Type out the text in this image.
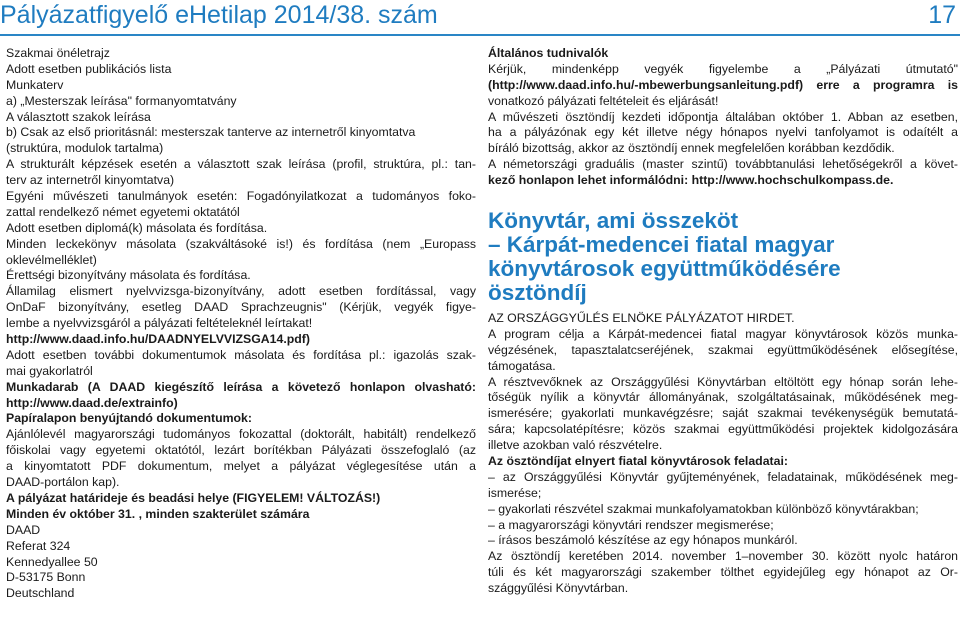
Pályázatfigyelő eHetilap 2014/38. szám	17
Szakmai önéletrajz
Adott esetben publikációs lista
Munkaterv
a) „Mesterszak leírása" formanyomtatvány
A választott szakok leírása
b) Csak az első prioritásnál: mesterszak tanterve az internetről kinyomtatva
(struktúra, modulok tartalma)
A strukturált képzések esetén a választott szak leírása (profil, struktúra, pl.: tan-
terv az internetről kinyomtatva)
Egyéni művészeti tanulmányok esetén: Fogadónyilatkozat a tudományos foko-
zattal rendelkező német egyetemi oktatától
Adott esetben diplomá(k) másolata és fordítása.
Minden leckekönyv másolata (szakváltásoké is!) és fordítása (nem „Europass
oklevélmelléklet)
Érettségi bizonyítvány másolata és fordítása.
Államilag elismert nyelvvizsga-bizonyítvány, adott esetben fordítással, vagy
OnDaF bizonyítvány, esetleg DAAD Sprachzeugnis" (Kérjük, vegyék figye-
lembe a nyelvvizsgáról a pályázati feltételeknél leírtakat!
http://www.daad.info.hu/DAADNYELVVIZSGA14.pdf)
Adott esetben további dokumentumok másolata és fordítása pl.: igazolás szak-
mai gyakorlatról
Munkadarab (A DAAD kiegészítő leírása a követező honlapon olvasható:
http://www.daad.de/extrainfo)
Papíralapon benyújtandó dokumentumok:
Ajánlólevél magyarországi tudományos fokozattal (doktorált, habitált) rendelkező
főiskolai vagy egyetemi oktatótól, lezárt borítékban Pályázati összefoglaló (az
a kinyomtatott PDF dokumentum, melyet a pályázat véglegesítése után a
DAAD-portálon kap).
A pályázat határideje és beadási helye (FIGYELEM! VÁLTOZÁS!)
Minden év október 31. , minden szakterület számára
DAAD
Referat 324
Kennedyallee 50
D-53175 Bonn
Deutschland
Általános tudnivalók
Kérjük, mindenképp vegyék figyelembe a „Pályázati útmutató"
(http://www.daad.info.hu/-mbewerbungsanleitung.pdf) erre a programra is
vonatkozó pályázati feltételeit és eljárását!
A művészeti ösztöndíj kezdeti időpontja általában október 1. Abban az esetben,
ha a pályázónak egy két illetve négy hónapos nyelvi tanfolyamot is odaítélt a
bíráló bizottság, akkor az ösztöndíj ennek megfelelően korábban kezdődik.
A németországi graduális (master szintű) továbbtanulási lehetőségekről a követ-
kező honlapon lehet informálódni: http://www.hochschulkompass.de.
Könyvtár, ami összeköt
– Kárpát-medencei fiatal magyar
könyvtárosok együttműködésére
ösztöndíj
AZ ORSZÁGGYŰLÉS ELNÖKE PÁLYÁZATOT HIRDET.
A program célja a Kárpát-medencei fiatal magyar könyvtárosok közös munka-
végzésének, tapasztalatcseréjének, szakmai együttműködésének elősegítése,
támogatása.
A résztvevőknek az Országgyűlési Könyvtárban eltöltött egy hónap során lehe-
tőségük nyílik a könyvtár állományának, szolgáltatásainak, működésének meg-
ismerésére; gyakorlati munkavégzésre; saját szakmai tevékenységük bemutatá-
sára; kapcsolatépítésre; közös szakmai együttműködési projektek kidolgozására
illetve azokban való részvételre.
Az ösztöndíjat elnyert fiatal könyvtárosok feladatai:
– az Országgyűlési Könyvtár gyűjteményének, feladatainak, működésének meg-
ismerése;
– gyakorlati részvétel szakmai munkafolyamatokban különböző könyvtárakban;
– a magyarországi könyvtári rendszer megismerése;
– írásos beszámoló készítése az egy hónapos munkáról.
Az ösztöndíj keretében 2014. november 1–november 30. között nyolc határon
túli és két magyarországi szakember tölthet egyidejűleg egy hónapot az Or-
szággyűlési Könyvtárban.
